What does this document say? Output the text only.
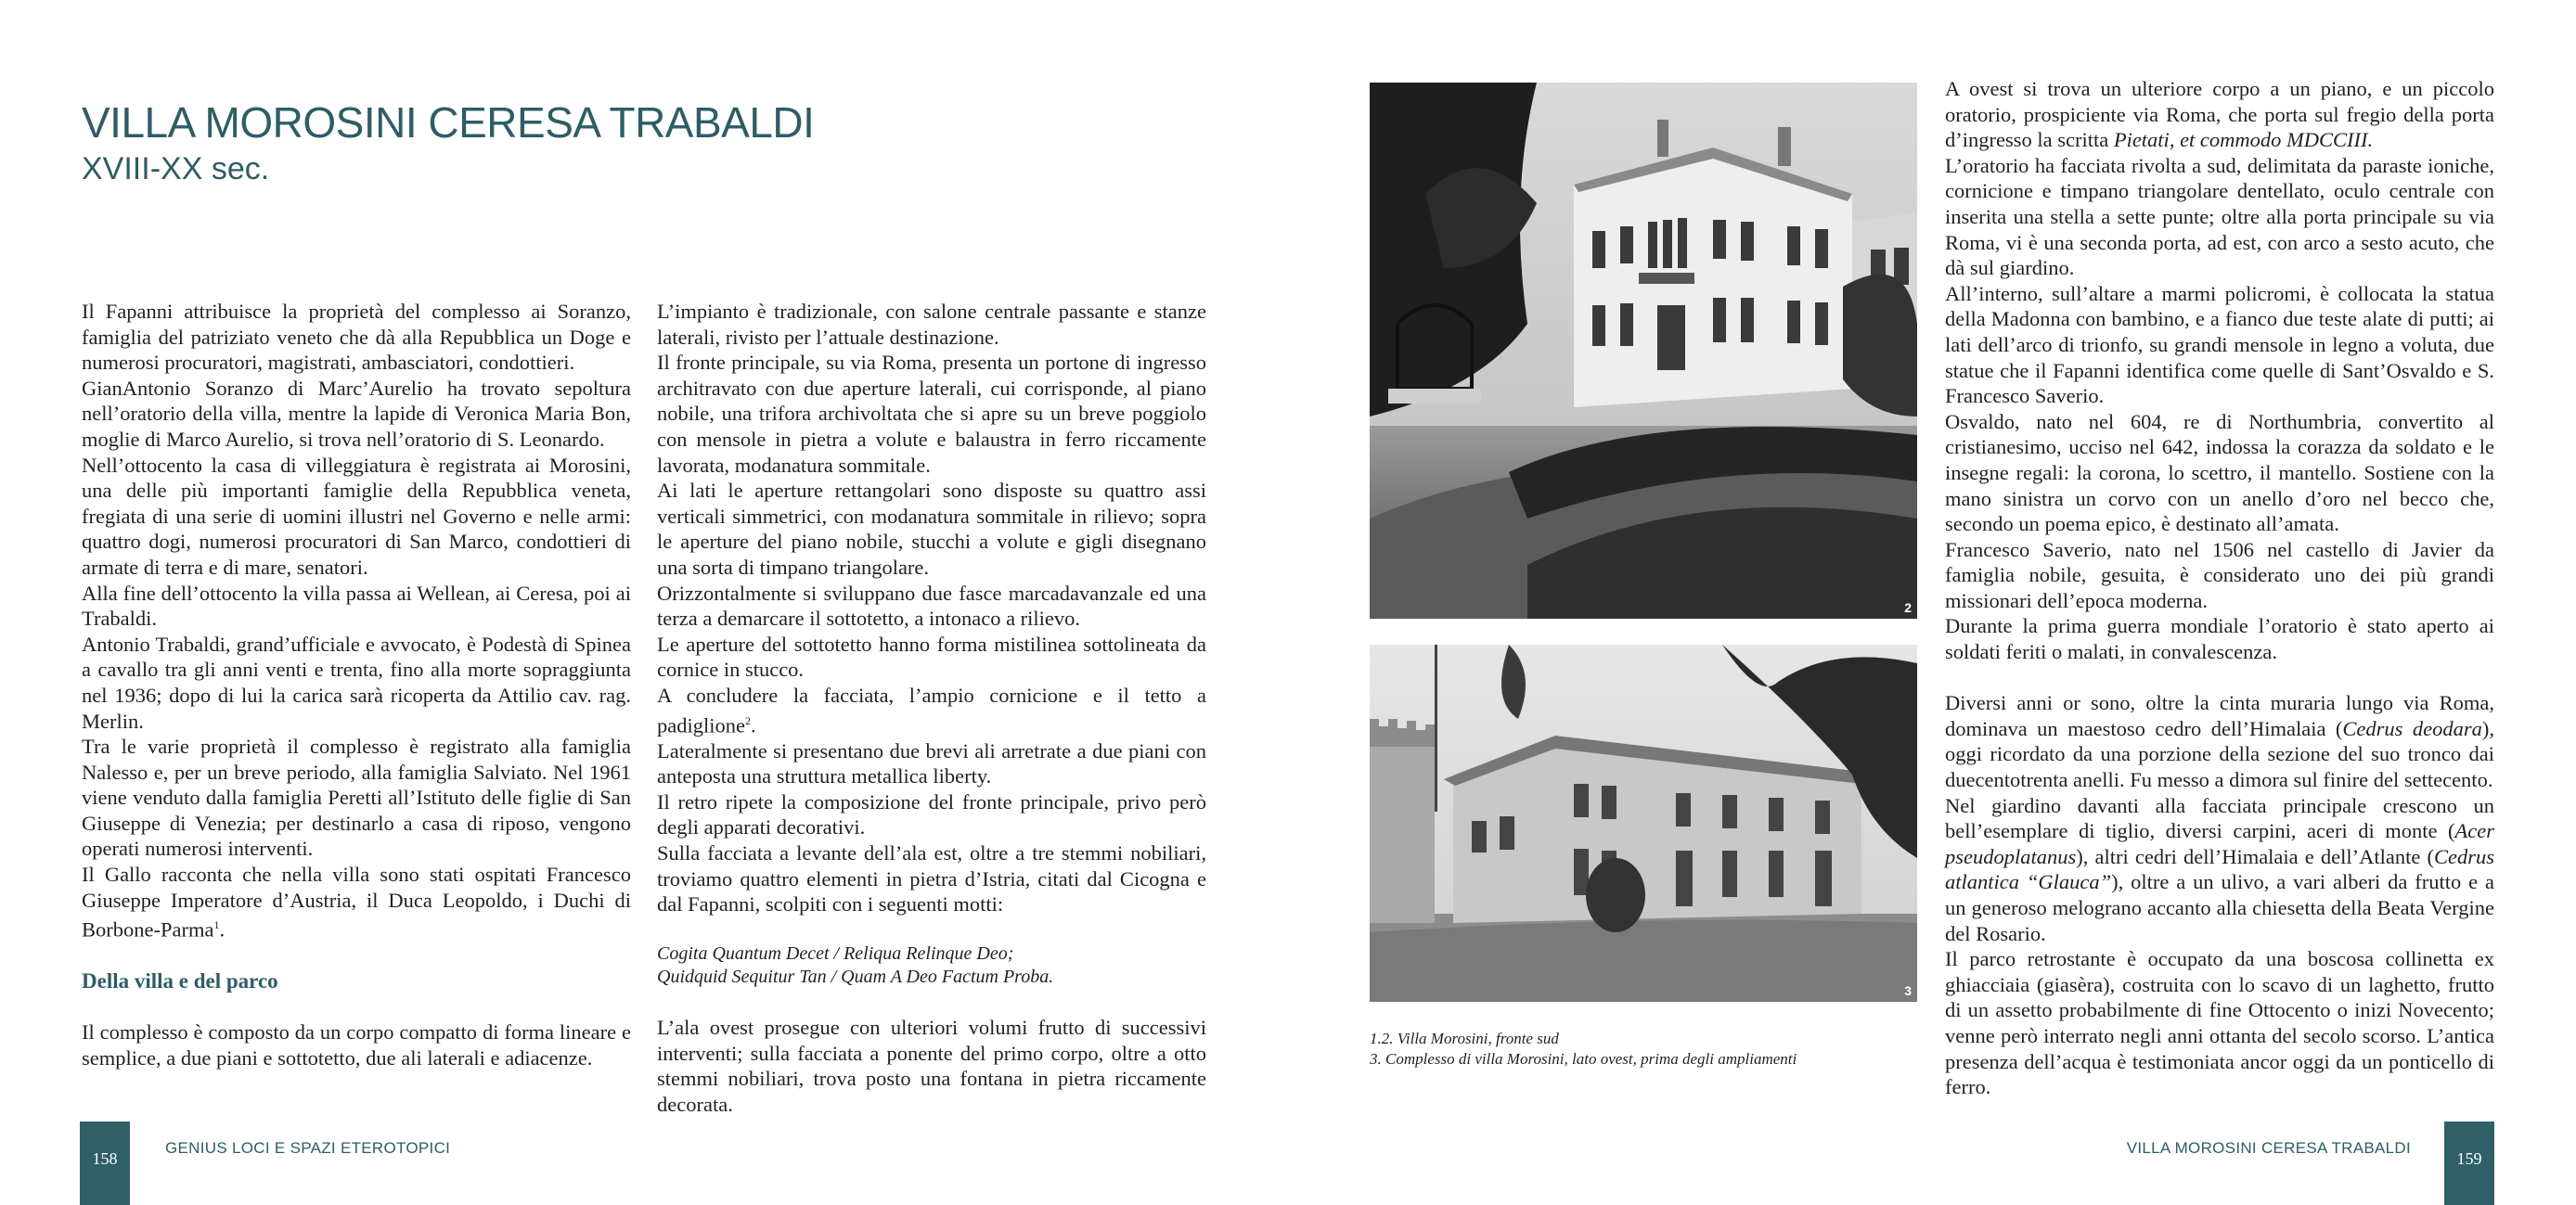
VILLA MOROSINI CERESA TRABALDI
XVIII-XX sec.

Il Fapanni attribuisce la proprietà del complesso ai Soranzo, famiglia del patriziato veneto che dà alla Repubblica un Doge e numerosi procuratori, magistrati, ambasciatori, condottieri.

GianAntonio Soranzo di Marc’Aurelio ha trovato sepoltura nell’oratorio della villa, mentre la lapide di Veronica Maria Bon, moglie di Marco Aurelio, si trova nell’oratorio di S. Leonardo.

Nell’ottocento la casa di villeggiatura è registrata ai Morosini, una delle più importanti famiglie della Repubblica veneta, fregiata di una serie di uomini illustri nel Governo e nelle armi: quattro dogi, numerosi procuratori di San Marco, condottieri di armate di terra e di mare, senatori.

Alla fine dell’ottocento la villa passa ai Wellean, ai Ceresa, poi ai Trabaldi.

Antonio Trabaldi, grand’ufficiale e avvocato, è Podestà di Spinea a cavallo tra gli anni venti e trenta, fino alla morte sopraggiunta nel 1936; dopo di lui la carica sarà ricoperta da Attilio cav. rag. Merlin.

Tra le varie proprietà il complesso è registrato alla famiglia Nalesso e, per un breve periodo, alla famiglia Salviato. Nel 1961 viene venduto dalla famiglia Peretti all’Istituto delle figlie di San Giuseppe di Venezia; per destinarlo a casa di riposo, vengono operati numerosi interventi.

Il Gallo racconta che nella villa sono stati ospitati Francesco Giuseppe Imperatore d’Austria, il Duca Leopoldo, i Duchi di Borbone-Parma$^1$.

Della villa e del parco

Il complesso è composto da un corpo compatto di forma lineare e semplice, a due piani e sottotetto, due ali laterali e adiacenze.

L’impianto è tradizionale, con salone centrale passante e stanze laterali, rivisto per l’attuale destinazione.

Il fronte principale, su via Roma, presenta un portone di ingresso architravato con due aperture laterali, cui corrisponde, al piano nobile, una trifora archivoltata che si apre su un breve poggiolo con mensole in pietra a volute e balaustra in ferro riccamente lavorata, modanatura sommitale.

Ai lati le aperture rettangolari sono disposte su quattro assi verticali simmetrici, con modanatura sommitale in rilievo; sopra le aperture del piano nobile, stucchi a volute e gigli disegnano una sorta di timpano triangolare.

Orizzontalmente si sviluppano due fasce marcadavanzale ed una terza a demarcare il sottotetto, a intonaco a rilievo.

Le aperture del sottotetto hanno forma mistilinea sottolineata da cornice in stucco.

A concludere la facciata, l’ampio cornicione e il tetto a padiglione$^2$.

Lateralmente si presentano due brevi ali arretrate a due piani con anteposta una struttura metallica liberty.

Il retro ripete la composizione del fronte principale, privo però degli apparati decorativi.

Sulla facciata a levante dell’ala est, oltre a tre stemmi nobiliari, troviamo quattro elementi in pietra d’Istria, citati dal Cicogna e dal Fapanni, scolpiti con i seguenti motti:

Cogita Quantum Decet / Reliqua Relinque Deo;

Quidquid Sequitur Tan / Quam A Deo Factum Proba.

L’ala ovest prosegue con ulteriori volumi frutto di successivi interventi; sulla facciata a ponente del primo corpo, oltre a otto stemmi nobiliari, trova posto una fontana in pietra riccamente decorata.

2
3
1.2. Villa Morosini, fronte sud
3. Complesso di villa Morosini, lato ovest, prima degli ampliamenti

A ovest si trova un ulteriore corpo a un piano, e un piccolo oratorio, prospiciente via Roma, che porta sul fregio della porta d’ingresso la scritta Pietati, et commodo MDCCIII.

L’oratorio ha facciata rivolta a sud, delimitata da paraste ioniche, cornicione e timpano triangolare dentellato, oculo centrale con inserita una stella a sette punte; oltre alla porta principale su via Roma, vi è una seconda porta, ad est, con arco a sesto acuto, che dà sul giardino.

All’interno, sull’altare a marmi policromi, è collocata la statua della Madonna con bambino, e a fianco due teste alate di putti; ai lati dell’arco di trionfo, su grandi mensole in legno a voluta, due statue che il Fapanni identifica come quelle di Sant’Osvaldo e S. Francesco Saverio.

Osvaldo, nato nel 604, re di Northumbria, convertito al cristianesimo, ucciso nel 642, indossa la corazza da soldato e le insegne regali: la corona, lo scettro, il mantello. Sostiene con la mano sinistra un corvo con un anello d’oro nel becco che, secondo un poema epico, è destinato all’amata.

Francesco Saverio, nato nel 1506 nel castello di Javier da famiglia nobile, gesuita, è considerato uno dei più grandi missionari dell’epoca moderna.

Durante la prima guerra mondiale l’oratorio è stato aperto ai soldati feriti o malati, in convalescenza.

Diversi anni or sono, oltre la cinta muraria lungo via Roma, dominava un maestoso cedro dell’Himalaia (Cedrus deodara), oggi ricordato da una porzione della sezione del suo tronco dai duecentotrenta anelli. Fu messo a dimora sul finire del settecento.

Nel giardino davanti alla facciata principale crescono un bell’esemplare di tiglio, diversi carpini, aceri di monte (Acer pseudoplatanus), altri cedri dell’Himalaia e dell’Atlante (Cedrus atlantica “Glauca”), oltre a un ulivo, a vari alberi da frutto e a un generoso melograno accanto alla chiesetta della Beata Vergine del Rosario.

Il parco retrostante è occupato da una boscosa collinetta ex ghiacciaia (giasèra), costruita con lo scavo di un laghetto, frutto di un assetto probabilmente di fine Ottocento o inizi Novecento; venne però interrato negli anni ottanta del secolo scorso. L’antica presenza dell’acqua è testimoniata ancor oggi da un ponticello di ferro.

158
GENIUS LOCI E SPAZI ETEROTOPICI	VILLA MOROSINI CERESA TRABALDI
159
